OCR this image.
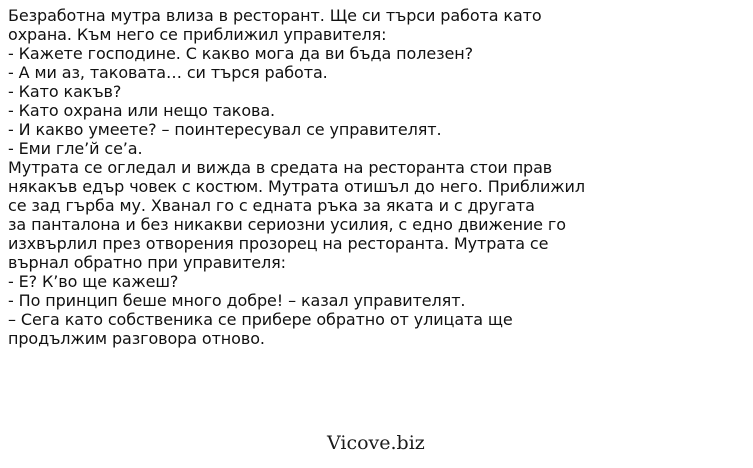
Безработна мутра влиза в ресторант. Ще си търси работа като
охрана. Към него се приближил управителя:
- Кажете господине. С какво мога да ви бъда полезен?
- А ми аз, таковата… си търся работа.
- Като какъв?
- Като охрана или нещо такова.
- И какво умеете? – поинтересувал се управителят.
- Еми гле’й се’а.
Мутрата се огледал и вижда в средата на ресторанта стои прав
някакъв едър човек с костюм. Мутрата отишъл до него. Приближил
се зад гърба му. Хванал го с едната ръка за яката и с другата
за панталона и без никакви сериозни усилия, с едно движение го
изхвърлил през отворения прозорец на ресторанта. Мутрата се
върнал обратно при управителя:
- Е? К’во ще кажеш?
- По принцип беше много добре! – казал управителят.
– Сега като собственика се прибере обратно от улицата ще
продължим разговора отново.
Vicove.biz
